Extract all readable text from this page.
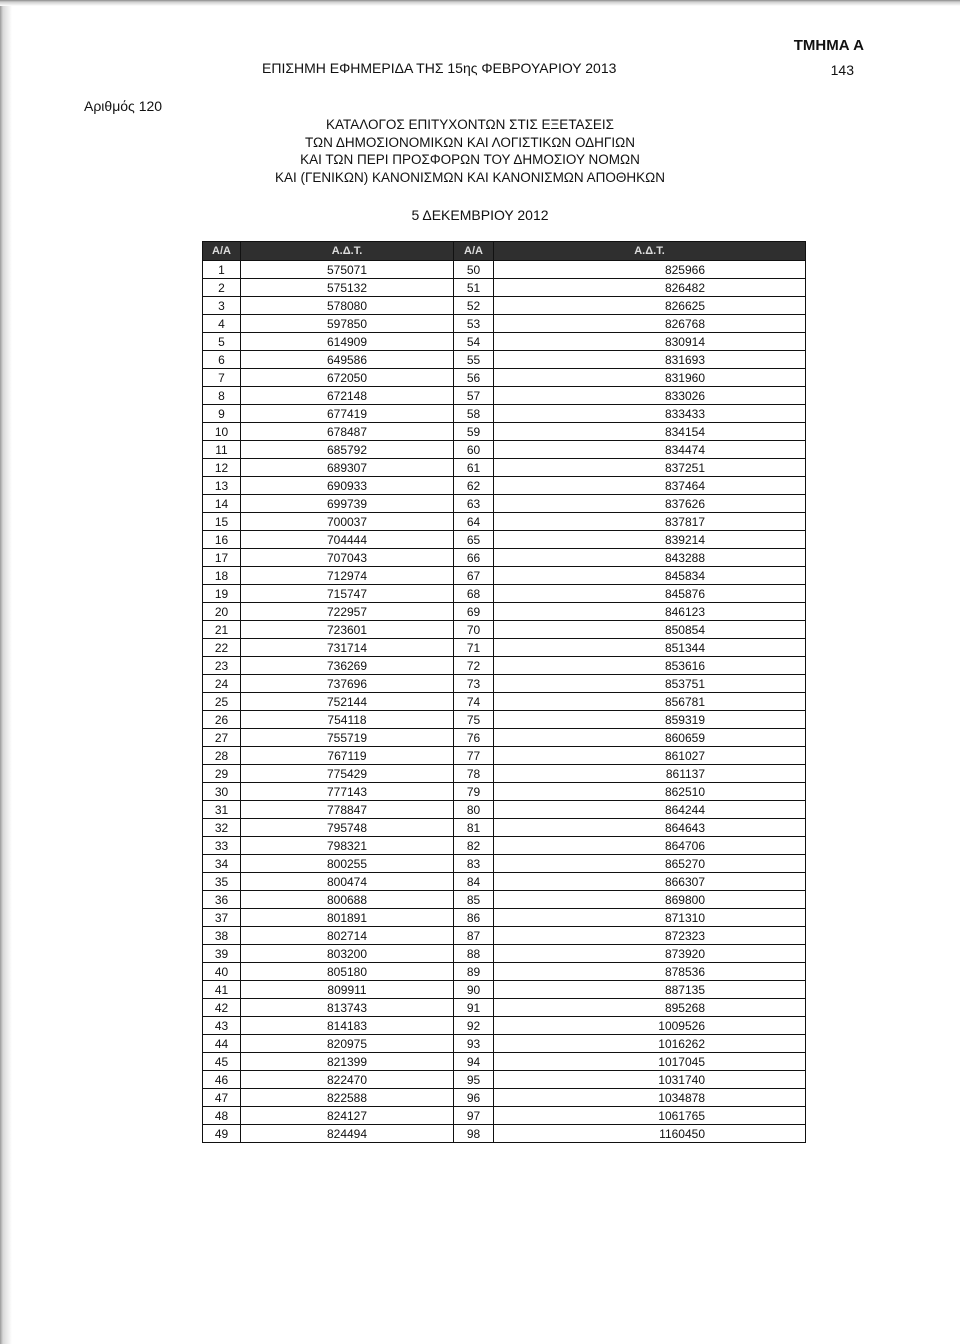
ΤΜΗΜΑ Α
143
ΕΠΙΣΗΜΗ ΕΦΗΜΕΡΙΔΑ ΤΗΣ 15ης ΦΕΒΡΟΥΑΡΙΟΥ 2013
Αριθμός 120
ΚΑΤΑΛΟΓΟΣ ΕΠΙΤΥΧΟΝΤΩΝ ΣΤΙΣ ΕΞΕΤΑΣΕΙΣ
ΤΩΝ ΔΗΜΟΣΙΟΝΟΜΙΚΩΝ ΚΑΙ ΛΟΓΙΣΤΙΚΩΝ ΟΔΗΓΙΩΝ
ΚΑΙ ΤΩΝ ΠΕΡΙ ΠΡΟΣΦΟΡΩΝ ΤΟΥ ΔΗΜΟΣΙΟΥ ΝΟΜΩΝ
ΚΑΙ (ΓΕΝΙΚΩΝ) ΚΑΝΟΝΙΣΜΩΝ ΚΑΙ ΚΑΝΟΝΙΣΜΩΝ ΑΠΟΘΗΚΩΝ
5 ΔΕΚΕΜΒΡΙΟΥ 2012
Α/Α	Α.Δ.Τ.	Α/Α	Α.Δ.Τ.
1	575071	50	825966
2	575132	51	826482
3	578080	52	826625
4	597850	53	826768
5	614909	54	830914
6	649586	55	831693
7	672050	56	831960
8	672148	57	833026
9	677419	58	833433
10	678487	59	834154
11	685792	60	834474
12	689307	61	837251
13	690933	62	837464
14	699739	63	837626
15	700037	64	837817
16	704444	65	839214
17	707043	66	843288
18	712974	67	845834
19	715747	68	845876
20	722957	69	846123
21	723601	70	850854
22	731714	71	851344
23	736269	72	853616
24	737696	73	853751
25	752144	74	856781
26	754118	75	859319
27	755719	76	860659
28	767119	77	861027
29	775429	78	861137
30	777143	79	862510
31	778847	80	864244
32	795748	81	864643
33	798321	82	864706
34	800255	83	865270
35	800474	84	866307
36	800688	85	869800
37	801891	86	871310
38	802714	87	872323
39	803200	88	873920
40	805180	89	878536
41	809911	90	887135
42	813743	91	895268
43	814183	92	1009526
44	820975	93	1016262
45	821399	94	1017045
46	822470	95	1031740
47	822588	96	1034878
48	824127	97	1061765
49	824494	98	1160450
